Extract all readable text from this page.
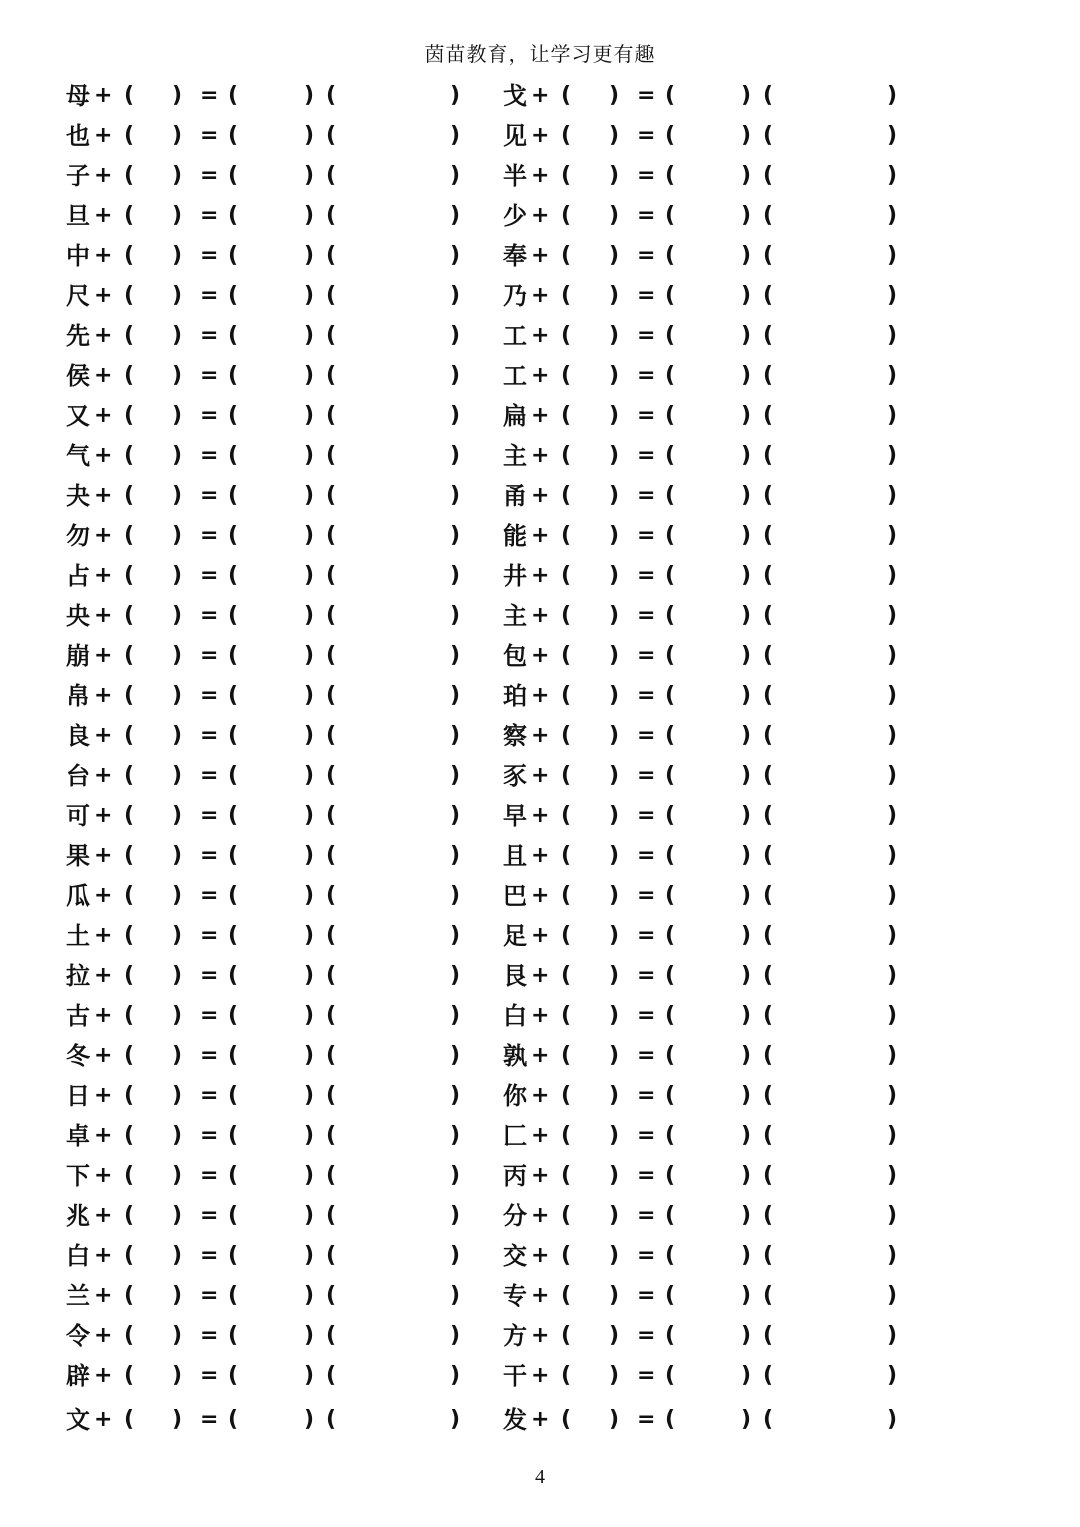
茵苗教育，让学习更有趣
母 + ( ) = (	) (	) 戈 + ( ) = (	) (	)
也 + ( ) = (	) (	) 见 + ( ) = (	) (	)
子 + ( ) = (	) (	) 半 + ( ) = (	) (	)
旦 + ( ) = (	) (	) 少 + ( ) = (	) (	)
中 + ( ) = (	) (	) 奉 + ( ) = (	) (	)
尺 + ( ) = (	) (	) 乃 + ( ) = (	) (	)
先 + ( ) = (	) (	) 工 + ( ) = (	) (	)
侯 + ( ) = (	) (	) 工 + ( ) = (	) (	)
又 + ( ) = (	) (	) 扁 + ( ) = (	) (	)
气 + ( ) = (	) (	) 主 + ( ) = (	) (	)
夬 + ( ) = (	) (	) 甬 + ( ) = (	) (	)
勿 + ( ) = (	) (	) 能 + ( ) = (	) (	)
占 + ( ) = (	) (	) 井 + ( ) = (	) (	)
央 + ( ) = (	) (	) 主 + ( ) = (	) (	)
崩 + ( ) = (	) (	) 包 + ( ) = (	) (	)
帛 + ( ) = (	) (	) 珀 + ( ) = (	) (	)
良 + ( ) = (	) (	) 察 + ( ) = (	) (	)
台 + ( ) = (	) (	) 豕 + ( ) = (	) (	)
可 + ( ) = (	) (	) 早 + ( ) = (	) (	)
果 + ( ) = (	) (	) 且 + ( ) = (	) (	)
瓜 + ( ) = (	) (	) 巴 + ( ) = (	) (	)
土 + ( ) = (	) (	) 足 + ( ) = (	) (	)
拉 + ( ) = (	) (	) 艮 + ( ) = (	) (	)
古 + ( ) = (	) (	) 白 + ( ) = (	) (	)
冬 + ( ) = (	) (	) 孰 + ( ) = (	) (	)
日 + ( ) = (	) (	) 你 + ( ) = (	) (	)
卓 + ( ) = (	) (	) 匚 + ( ) = (	) (	)
下 + ( ) = (	) (	) 丙 + ( ) = (	) (	)
兆 + ( ) = (	) (	) 分 + ( ) = (	) (	)
白 + ( ) = (	) (	) 交 + ( ) = (	) (	)
兰 + ( ) = (	) (	) 专 + ( ) = (	) (	)
令 + ( ) = (	) (	) 方 + ( ) = (	) (	)
辟 + ( ) = (	) (	) 干 + ( ) = (	) (	)
文 + ( ) = (	) (	) 发 + ( ) = (	) (	)
4
